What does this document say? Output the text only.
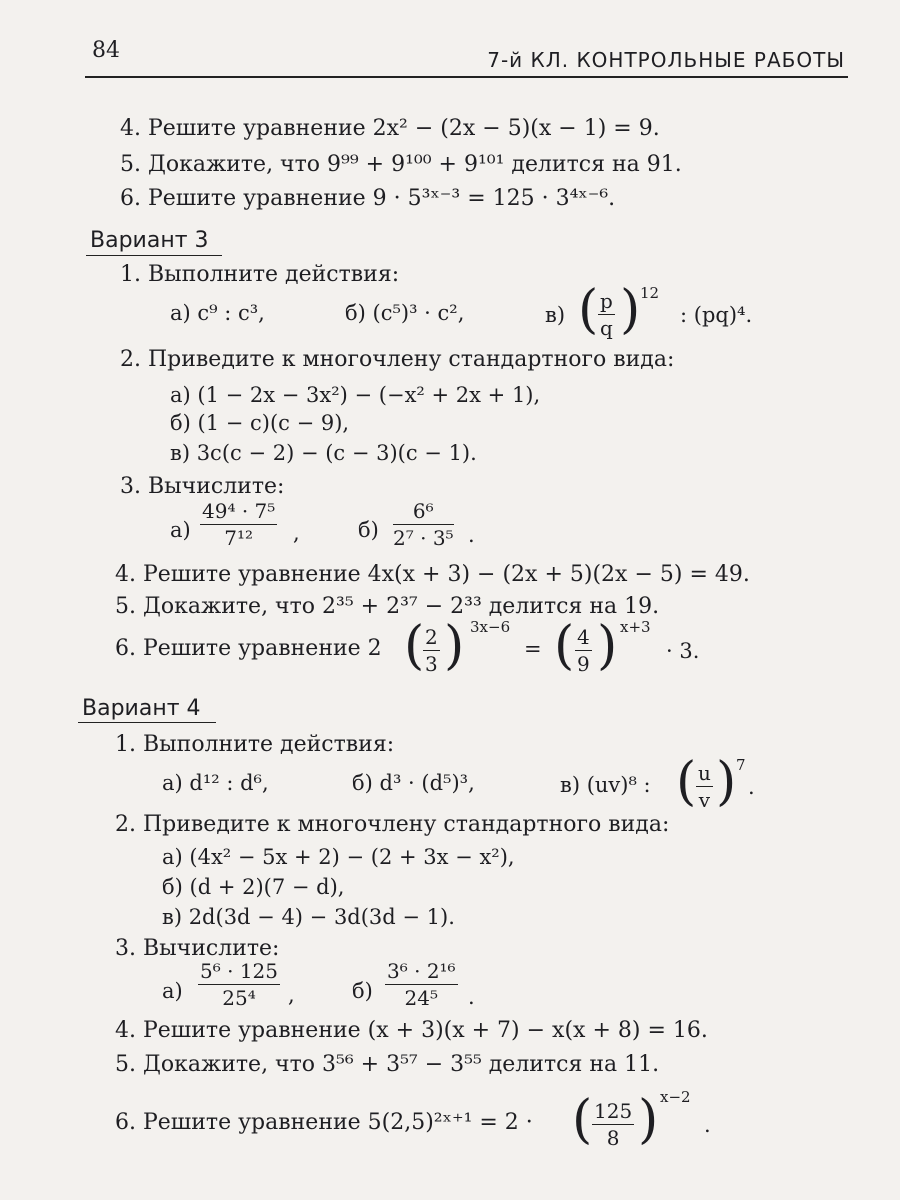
84	7-й КЛ. КОНТРОЛЬНЫЕ РАБОТЫ

4. Решите уравнение 2x² − (2x − 5)(x − 1) = 9.
5. Докажите, что 9⁹⁹ + 9¹⁰⁰ + 9¹⁰¹ делится на 91.
6. Решите уравнение 9 · 5³ˣ⁻³ = 125 · 3⁴ˣ⁻⁶.
Вариант 3
1. Выполните действия:
а) c⁹ : c³,	б) (c⁵)³ · c²,	в) ( $\frac{p}{q}$ ) 12
: (pq)⁴.
2. Приведите к многочлену стандартного вида:
а) (1 − 2x − 3x²) − (−x² + 2x + 1),
б) (1 − c)(c − 9),
в) 3c(c − 2) − (c − 3)(c − 1).
3. Вычислите:
$а) \frac{\text{49⁴ · 7⁵}}{\text{7¹²}}$ ,	$б) \frac{\text{6⁶}}{\text{2⁷ · 3⁵}}$ .
4. Решите уравнение 4x(x + 3) − (2x + 5)(2x − 5) = 49.
5. Докажите, что 2³⁵ + 2³⁷ − 2³³ делится на 19.
6. Решите уравнение 2 (
$\frac{2}{3}$ ) 3x−6
= ( $\frac{4}{9}$ ) x+3
· 3.
Вариант 4
1. Выполните действия:
а) d¹² : d⁶,	б) d³ · (d⁵)³,	в) (uv)⁸ : ( $\frac{u}{v}$ ) 7
.
2. Приведите к многочлену стандартного вида:
а) (4x² − 5x + 2) − (2 + 3x − x²),
б) (d + 2)(7 − d),
в) 2d(3d − 4) − 3d(3d − 1).
3. Вычислите:
$а) \frac{\text{5⁶ · 125}}{\text{25⁴}}$ ,	$б) \frac{\text{3⁶ · 2¹⁶}}{\text{24⁵}}$ .
4. Решите уравнение (x + 3)(x + 7) − x(x + 8) = 16.
5. Докажите, что 3⁵⁶ + 3⁵⁷ − 3⁵⁵ делится на 11.
6. Решите уравнение 5(2,5)²ˣ⁺¹ = 2 · ( $\frac{125}{8}$ ) x−2
.
